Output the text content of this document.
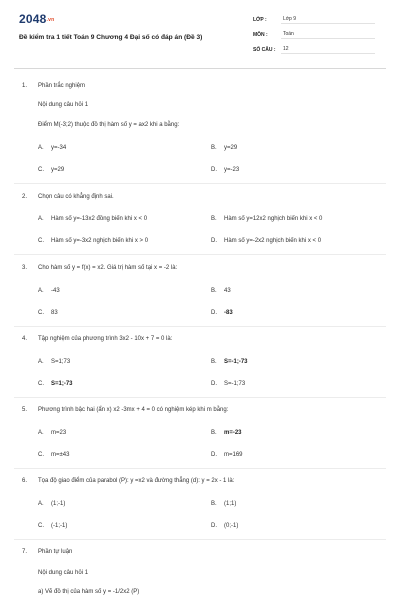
2048.vn
Đề kiểm tra 1 tiết Toán 9 Chương 4 Đại số có đáp án (Đề 3)
LỚP :	Lớp 9
MÔN :	Toán
SỐ CÂU :	12
1. Phần trắc nghiệm
Nội dung câu hỏi 1
Điểm M(-3;2) thuộc đồ thị hàm số y = ax2 khi a bằng:
A. y=-34	B. y=29
C. y=29	D. y=-23
2. Chọn câu có khẳng định sai.
A. Hàm số y=-13x2 đồng biến khi x < 0	B. Hàm số y=12x2 nghịch biến khi x < 0
C. Hàm số y=-3x2 nghịch biến khi x > 0	D. Hàm số y=-2x2 nghịch biến khi x < 0
3. Cho hàm số y = f(x) = x2. Giá trị hàm số tại x = -2 là:
A. -43	B. 43
C. 83	D. -83
4. Tập nghiệm của phương trình 3x2 - 10x + 7 = 0 là:
A. S=1;73	B. S=-1;-73
C. S=1;-73	D. S=-1;73
5. Phương trình bậc hai (ẩn x) x2 -3mx + 4 = 0 có nghiệm kép khi m bằng:
A. m=23	B. m=-23
C. m=±43	D. m=169
6. Tọa độ giao điểm của parabol (P): y =x2 và đường thẳng (d): y = 2x - 1 là:
A. (1;-1)	B. (1;1)
C. (-1;-1)	D. (0;-1)
7. Phần tự luận
Nội dung câu hỏi 1
a) Vẽ đồ thị của hàm số y = -1/2x2 (P)
